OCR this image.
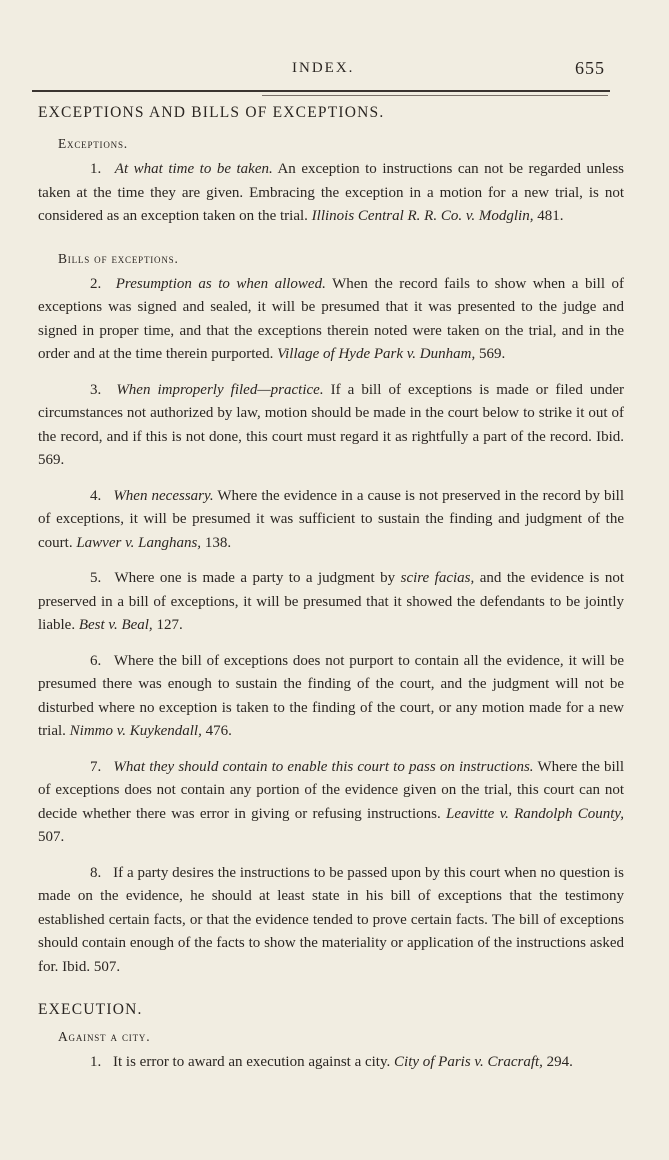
INDEX.	655
EXCEPTIONS AND BILLS OF EXCEPTIONS.
Exceptions.
1. At what time to be taken. An exception to instructions can not be regarded unless taken at the time they are given. Embracing the exception in a motion for a new trial, is not considered as an exception taken on the trial. Illinois Central R. R. Co. v. Modglin, 481.
Bills of exceptions.
2. Presumption as to when allowed. When the record fails to show when a bill of exceptions was signed and sealed, it will be presumed that it was presented to the judge and signed in proper time, and that the exceptions therein noted were taken on the trial, and in the order and at the time therein purported. Village of Hyde Park v. Dunham, 569.
3. When improperly filed—practice. If a bill of exceptions is made or filed under circumstances not authorized by law, motion should be made in the court below to strike it out of the record, and if this is not done, this court must regard it as rightfully a part of the record. Ibid. 569.
4. When necessary. Where the evidence in a cause is not preserved in the record by bill of exceptions, it will be presumed it was sufficient to sustain the finding and judgment of the court. Lawver v. Langhans, 138.
5. Where one is made a party to a judgment by scire facias, and the evidence is not preserved in a bill of exceptions, it will be presumed that it showed the defendants to be jointly liable. Best v. Beal, 127.
6. Where the bill of exceptions does not purport to contain all the evidence, it will be presumed there was enough to sustain the finding of the court, and the judgment will not be disturbed where no exception is taken to the finding of the court, or any motion made for a new trial. Nimmo v. Kuykendall, 476.
7. What they should contain to enable this court to pass on instructions. Where the bill of exceptions does not contain any portion of the evidence given on the trial, this court can not decide whether there was error in giving or refusing instructions. Leavitte v. Randolph County, 507.
8. If a party desires the instructions to be passed upon by this court when no question is made on the evidence, he should at least state in his bill of exceptions that the testimony established certain facts, or that the evidence tended to prove certain facts. The bill of exceptions should contain enough of the facts to show the materiality or application of the instructions asked for. Ibid. 507.
EXECUTION.
Against a city.
1. It is error to award an execution against a city. City of Paris v. Cracraft, 294.
